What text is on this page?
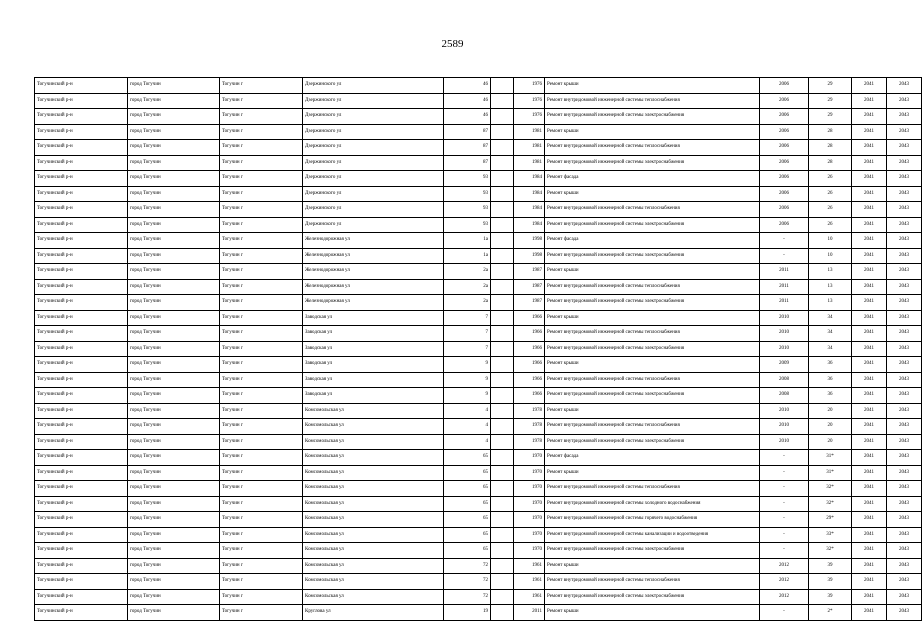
2589
Тогучинский р-н	город Тогучин	Тогучин г	Дзержинского ул	46		1976	Ремонт крыши	2006	29	2041	2043
Тогучинский р-н	город Тогучин	Тогучин г	Дзержинского ул	46		1976	Ремонт внутридомовой инженерной системы теплоснабжения	2006	29	2041	2043
Тогучинский р-н	город Тогучин	Тогучин г	Дзержинского ул	46		1976	Ремонт внутридомовой инженерной системы электроснабжения	2006	29	2041	2043
Тогучинский р-н	город Тогучин	Тогучин г	Дзержинского ул	87		1981	Ремонт крыши	2006	28	2041	2043
Тогучинский р-н	город Тогучин	Тогучин г	Дзержинского ул	87		1981	Ремонт внутридомовой инженерной системы теплоснабжения	2006	28	2041	2043
Тогучинский р-н	город Тогучин	Тогучин г	Дзержинского ул	87		1981	Ремонт внутридомовой инженерной системы электроснабжения	2006	28	2041	2043
Тогучинский р-н	город Тогучин	Тогучин г	Дзержинского ул	93		1984	Ремонт фасада	2006	26	2041	2043
Тогучинский р-н	город Тогучин	Тогучин г	Дзержинского ул	93		1984	Ремонт крыши	2006	26	2041	2043
Тогучинский р-н	город Тогучин	Тогучин г	Дзержинского ул	93		1984	Ремонт внутридомовой инженерной системы теплоснабжения	2006	26	2041	2043
Тогучинский р-н	город Тогучин	Тогучин г	Дзержинского ул	93		1984	Ремонт внутридомовой инженерной системы электроснабжения	2006	26	2041	2043
Тогучинский р-н	город Тогучин	Тогучин г	Железнодорожная ул	1а		1998	Ремонт фасада	-	10	2041	2043
Тогучинский р-н	город Тогучин	Тогучин г	Железнодорожная ул	1а		1998	Ремонт внутридомовой инженерной системы электроснабжения	-	10	2041	2043
Тогучинский р-н	город Тогучин	Тогучин г	Железнодорожная ул	2а		1987	Ремонт крыши	2011	13	2041	2043
Тогучинский р-н	город Тогучин	Тогучин г	Железнодорожная ул	2а		1987	Ремонт внутридомовой инженерной системы теплоснабжения	2011	13	2041	2043
Тогучинский р-н	город Тогучин	Тогучин г	Железнодорожная ул	2а		1987	Ремонт внутридомовой инженерной системы электроснабжения	2011	13	2041	2043
Тогучинский р-н	город Тогучин	Тогучин г	Заводская ул	7		1966	Ремонт крыши	2010	34	2041	2043
Тогучинский р-н	город Тогучин	Тогучин г	Заводская ул	7		1966	Ремонт внутридомовой инженерной системы теплоснабжения	2010	34	2041	2043
Тогучинский р-н	город Тогучин	Тогучин г	Заводская ул	7		1966	Ремонт внутридомовой инженерной системы электроснабжения	2010	34	2041	2043
Тогучинский р-н	город Тогучин	Тогучин г	Заводская ул	9		1966	Ремонт крыши	2009	36	2041	2043
Тогучинский р-н	город Тогучин	Тогучин г	Заводская ул	9		1966	Ремонт внутридомовой инженерной системы теплоснабжения	2008	36	2041	2043
Тогучинский р-н	город Тогучин	Тогучин г	Заводская ул	9		1966	Ремонт внутридомовой инженерной системы электроснабжения	2008	36	2041	2043
Тогучинский р-н	город Тогучин	Тогучин г	Комсомольская ул	4		1978	Ремонт крыши	2010	20	2041	2043
Тогучинский р-н	город Тогучин	Тогучин г	Комсомольская ул	4		1978	Ремонт внутридомовой инженерной системы теплоснабжения	2010	20	2041	2043
Тогучинский р-н	город Тогучин	Тогучин г	Комсомольская ул	4		1978	Ремонт внутридомовой инженерной системы электроснабжения	2010	20	2041	2043
Тогучинский р-н	город Тогучин	Тогучин г	Комсомольская ул	65		1970	Ремонт фасада	-	31*	2041	2043
Тогучинский р-н	город Тогучин	Тогучин г	Комсомольская ул	65		1970	Ремонт крыши	-	31*	2041	2043
Тогучинский р-н	город Тогучин	Тогучин г	Комсомольская ул	65		1970	Ремонт внутридомовой инженерной системы теплоснабжения	-	32*	2041	2043
Тогучинский р-н	город Тогучин	Тогучин г	Комсомольская ул	65		1970	Ремонт внутридомовой инженерной системы холодного водоснабжения	-	32*	2041	2043
Тогучинский р-н	город Тогучин	Тогучин г	Комсомольская ул	65		1970	Ремонт внутридомовой инженерной системы горячего водоснабжения	-	29*	2041	2043
Тогучинский р-н	город Тогучин	Тогучин г	Комсомольская ул	65		1970	Ремонт внутридомовой инженерной системы канализации и водоотведения	-	33*	2041	2043
Тогучинский р-н	город Тогучин	Тогучин г	Комсомольская ул	65		1970	Ремонт внутридомовой инженерной системы электроснабжения	-	32*	2041	2043
Тогучинский р-н	город Тогучин	Тогучин г	Комсомольская ул	72		1961	Ремонт крыши	2012	39	2041	2043
Тогучинский р-н	город Тогучин	Тогучин г	Комсомольская ул	72		1961	Ремонт внутридомовой инженерной системы теплоснабжения	2012	39	2041	2043
Тогучинский р-н	город Тогучин	Тогучин г	Комсомольская ул	72		1961	Ремонт внутридомовой инженерной системы электроснабжения	2012	39	2041	2043
Тогучинский р-н	город Тогучин	Тогучин г	Круглова ул	19		2011	Ремонт крыши	-	2*	2041	2043
